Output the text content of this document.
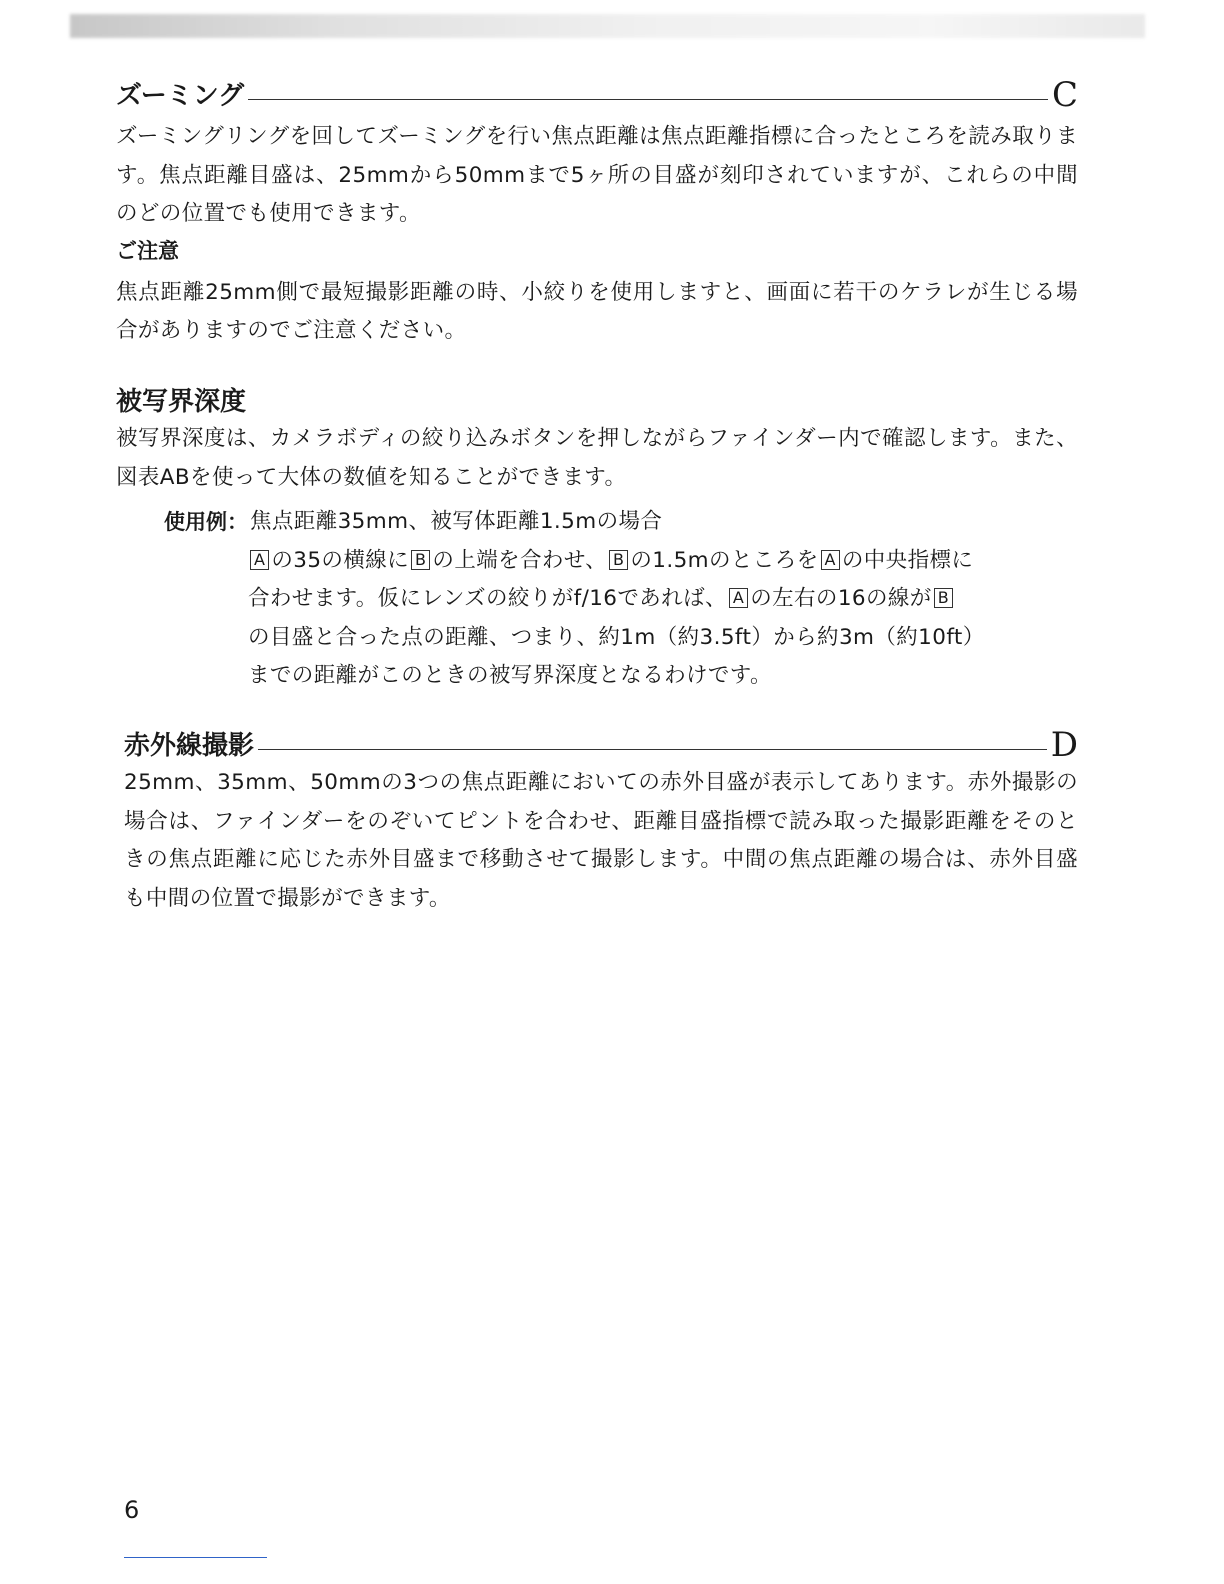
ズーミング	C

ズーミングリングを回してズーミングを行い焦点距離は焦点距離指標に合ったところを読み取ります。焦点距離目盛は、25mmから50mmまで5ヶ所の目盛が刻印されていますが、これらの中間のどの位置でも使用できます。

ご注意

焦点距離25mm側で最短撮影距離の時、小絞りを使用しますと、画面に若干のケラレが生じる場合がありますのでご注意ください。

被写界深度

被写界深度は、カメラボディの絞り込みボタンを押しながらファインダー内で確認します。また、図表ABを使って大体の数値を知ることができます。

使用例： 焦点距離35mm、被写体距離1.5mの場合

A の35の横線に B の上端を合わせ、 B の1.5mのところを A の中央指標に

合わせます。仮にレンズの絞りがf/16であれば、 A の左右の16の線が B

の目盛と合った点の距離、つまり、約1m（約3.5ft）から約3m（約10ft）

までの距離がこのときの被写界深度となるわけです。

赤外線撮影	D

25mm、35mm、50mmの3つの焦点距離においての赤外目盛が表示してあります。赤外撮影の場合は、ファインダーをのぞいてピントを合わせ、距離目盛指標で読み取った撮影距離をそのときの焦点距離に応じた赤外目盛まで移動させて撮影します。中間の焦点距離の場合は、赤外目盛も中間の位置で撮影ができます。

6
